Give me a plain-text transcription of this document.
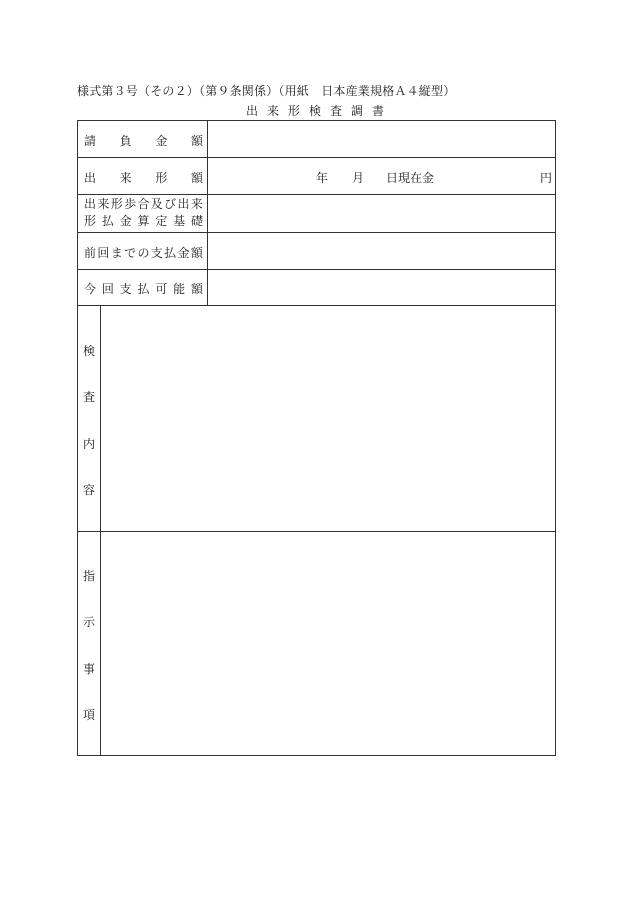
様式第３号（その２）（第９条関係）（用紙　日本産業規格Ａ４縦型）
出来形検査調書
請 負 金 額
出 来 形 額	年 月 日現在金	円
出 来 形 歩 合 及 び 出 来
形 払 金 算 定 基 礎
前 回 ま で の 支 払 金 額
今 回 支 払 可 能 額
検
査
内
容
指
示
事
項
